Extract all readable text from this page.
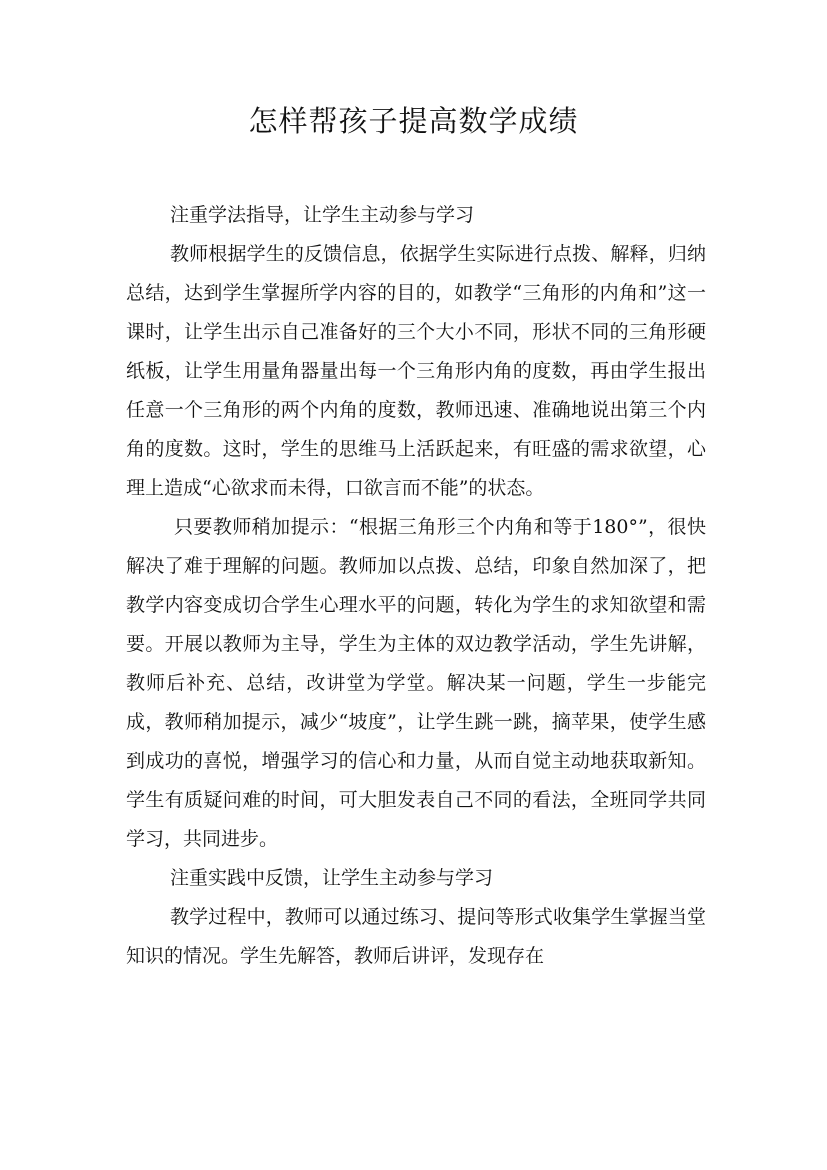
怎样帮孩子提高数学成绩

注重学法指导，让学生主动参与学习

教师根据学生的反馈信息，依据学生实际进行点拨、解释，归纳总结，达到学生掌握所学内容的目的，如教学“三角形的内角和”这一课时，让学生出示自己准备好的三个大小不同，形状不同的三角形硬纸板，让学生用量角器量出每一个三角形内角的度数，再由学生报出任意一个三角形的两个内角的度数，教师迅速、准确地说出第三个内角的度数。这时，学生的思维马上活跃起来，有旺盛的需求欲望，心理上造成“心欲求而未得，口欲言而不能”的状态。

只要教师稍加提示：“根据三角形三个内角和等于180°”，很快解决了难于理解的问题。教师加以点拨、总结，印象自然加深了，把教学内容变成切合学生心理水平的问题，转化为学生的求知欲望和需要。开展以教师为主导，学生为主体的双边教学活动，学生先讲解，教师后补充、总结，改讲堂为学堂。解决某一问题，学生一步能完成，教师稍加提示，减少“坡度”，让学生跳一跳，摘苹果，使学生感到成功的喜悦，增强学习的信心和力量，从而自觉主动地获取新知。学生有质疑问难的时间，可大胆发表自己不同的看法，全班同学共同学习，共同进步。

注重实践中反馈，让学生主动参与学习

教学过程中，教师可以通过练习、提问等形式收集学生掌握当堂知识的情况。学生先解答，教师后讲评，发现存在
